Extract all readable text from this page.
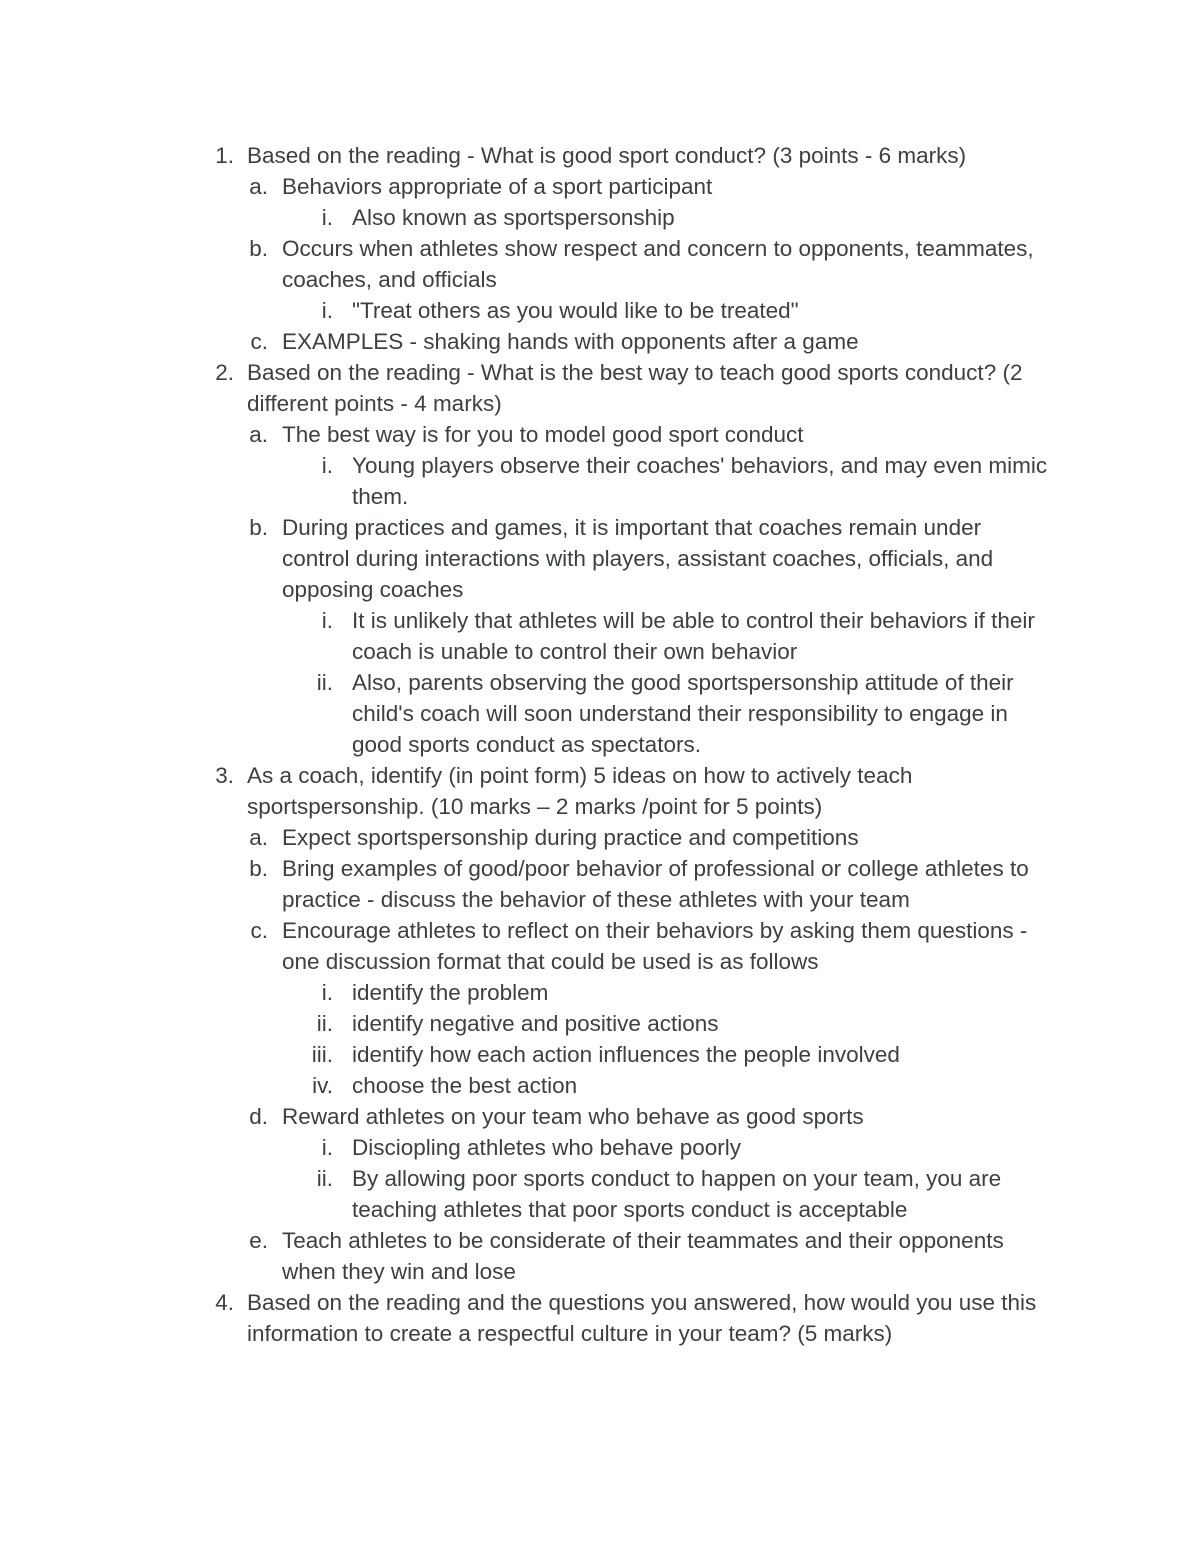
1. Based on the reading - What is good sport conduct? (3 points - 6 marks)
a. Behaviors appropriate of a sport participant
i. Also known as sportspersonship
b. Occurs when athletes show respect and concern to opponents, teammates, coaches, and officials
i. "Treat others as you would like to be treated"
c. EXAMPLES - shaking hands with opponents after a game
2. Based on the reading - What is the best way to teach good sports conduct? (2 different points - 4 marks)
a. The best way is for you to model good sport conduct
i. Young players observe their coaches' behaviors, and may even mimic them.
b. During practices and games, it is important that coaches remain under control during interactions with players, assistant coaches, officials, and opposing coaches
i. It is unlikely that athletes will be able to control their behaviors if their coach is unable to control their own behavior
ii. Also, parents observing the good sportspersonship attitude of their child's coach will soon understand their responsibility to engage in good sports conduct as spectators.
3. As a coach, identify (in point form) 5 ideas on how to actively teach sportspersonship. (10 marks – 2 marks /point for 5 points)
a. Expect sportspersonship during practice and competitions
b. Bring examples of good/poor behavior of professional or college athletes to practice - discuss the behavior of these athletes with your team
c. Encourage athletes to reflect on their behaviors by asking them questions - one discussion format that could be used is as follows
i. identify the problem
ii. identify negative and positive actions
iii. identify how each action influences the people involved
iv. choose the best action
d. Reward athletes on your team who behave as good sports
i. Disciopling athletes who behave poorly
ii. By allowing poor sports conduct to happen on your team, you are teaching athletes that poor sports conduct is acceptable
e. Teach athletes to be considerate of their teammates and their opponents when they win and lose
4. Based on the reading and the questions you answered, how would you use this information to create a respectful culture in your team? (5 marks)
